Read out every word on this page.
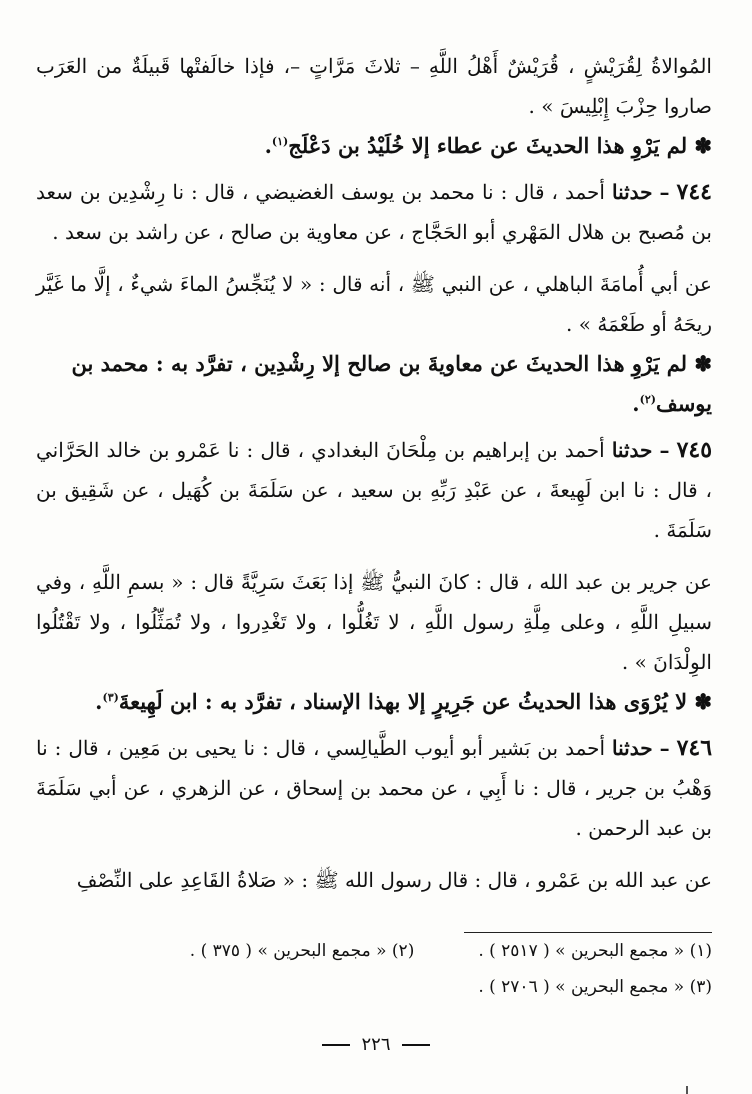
المُوالاةُ لِقُرَيْشٍ ، قُرَيْشٌ أَهْلُ اللَّهِ – ثلاثَ مَرَّاتٍ –، فإذا خالَفتْها قَبيلَةٌ من العَرَب صاروا حِزْبَ إِبْلِيسَ » .

✽ لم يَرْوِ هذا الحديثَ عن عطاء إلا خُلَيْدُ بن دَعْلَج$^{(١)}$.

٧٤٤ – حدثنا أحمد ، قال : نا محمد بن يوسف الغضيضي ، قال : نا رِشْدِين بن سعد بن مُصبح بن هلال المَهْري أبو الحَجَّاج ، عن معاوية بن صالح ، عن راشد بن سعد .

عن أبي أُمامَةَ الباهلي ، عن النبي ﷺ ، أنه قال : « لا يُنَجِّسُ الماءَ شيءٌ ، إلَّا ما غَيَّر ريحَهُ أو طَعْمَهُ » .

✽ لم يَرْوِ هذا الحديثَ عن معاويةَ بن صالح إلا رِشْدِين ، تفرَّد به : محمد بن يوسف$^{(٢)}$.

٧٤٥ – حدثنا أحمد بن إبراهيم بن مِلْحَانَ البغدادي ، قال : نا عَمْرو بن خالد الحَرَّاني ، قال : نا ابن لَهِيعةَ ، عن عَبْدِ رَبِّهِ بن سعيد ، عن سَلَمَةَ بن كُهَيل ، عن شَقِيق بن سَلَمَةَ .

عن جرير بن عبد الله ، قال : كانَ النبيُّ ﷺ إذا بَعَثَ سَرِيَّةً قال : « بسمِ اللَّهِ ، وفي سبيلِ اللَّهِ ، وعلى مِلَّةِ رسول اللَّهِ ، لا تَغُلُّوا ، ولا تَغْدِروا ، ولا تُمَثِّلُوا ، ولا تَقْتُلُوا الوِلْدَانَ » .

✽ لا يُرْوَى هذا الحديثُ عن جَرِيرٍ إلا بهذا الإسناد ، تفرَّد به : ابن لَهِيعةَ$^{(٣)}$.

٧٤٦ – حدثنا أحمد بن بَشير أبو أيوب الطَّيالِسي ، قال : نا يحيى بن مَعِين ، قال : نا وَهْبُ بن جرير ، قال : نا أَبِي ، عن محمد بن إسحاق ، عن الزهري ، عن أبي سَلَمَةَ بن عبد الرحمن .

عن عبد الله بن عَمْرو ، قال : قال رسول الله ﷺ : « صَلاةُ القَاعِدِ على النِّصْفِ

(١) « مجمع البحرين » ( ٢٥١٧ ) .
(٢) « مجمع البحرين » ( ٣٧٥ ) .
(٣) « مجمع البحرين » ( ٢٧٠٦ ) .
٢٢٦
